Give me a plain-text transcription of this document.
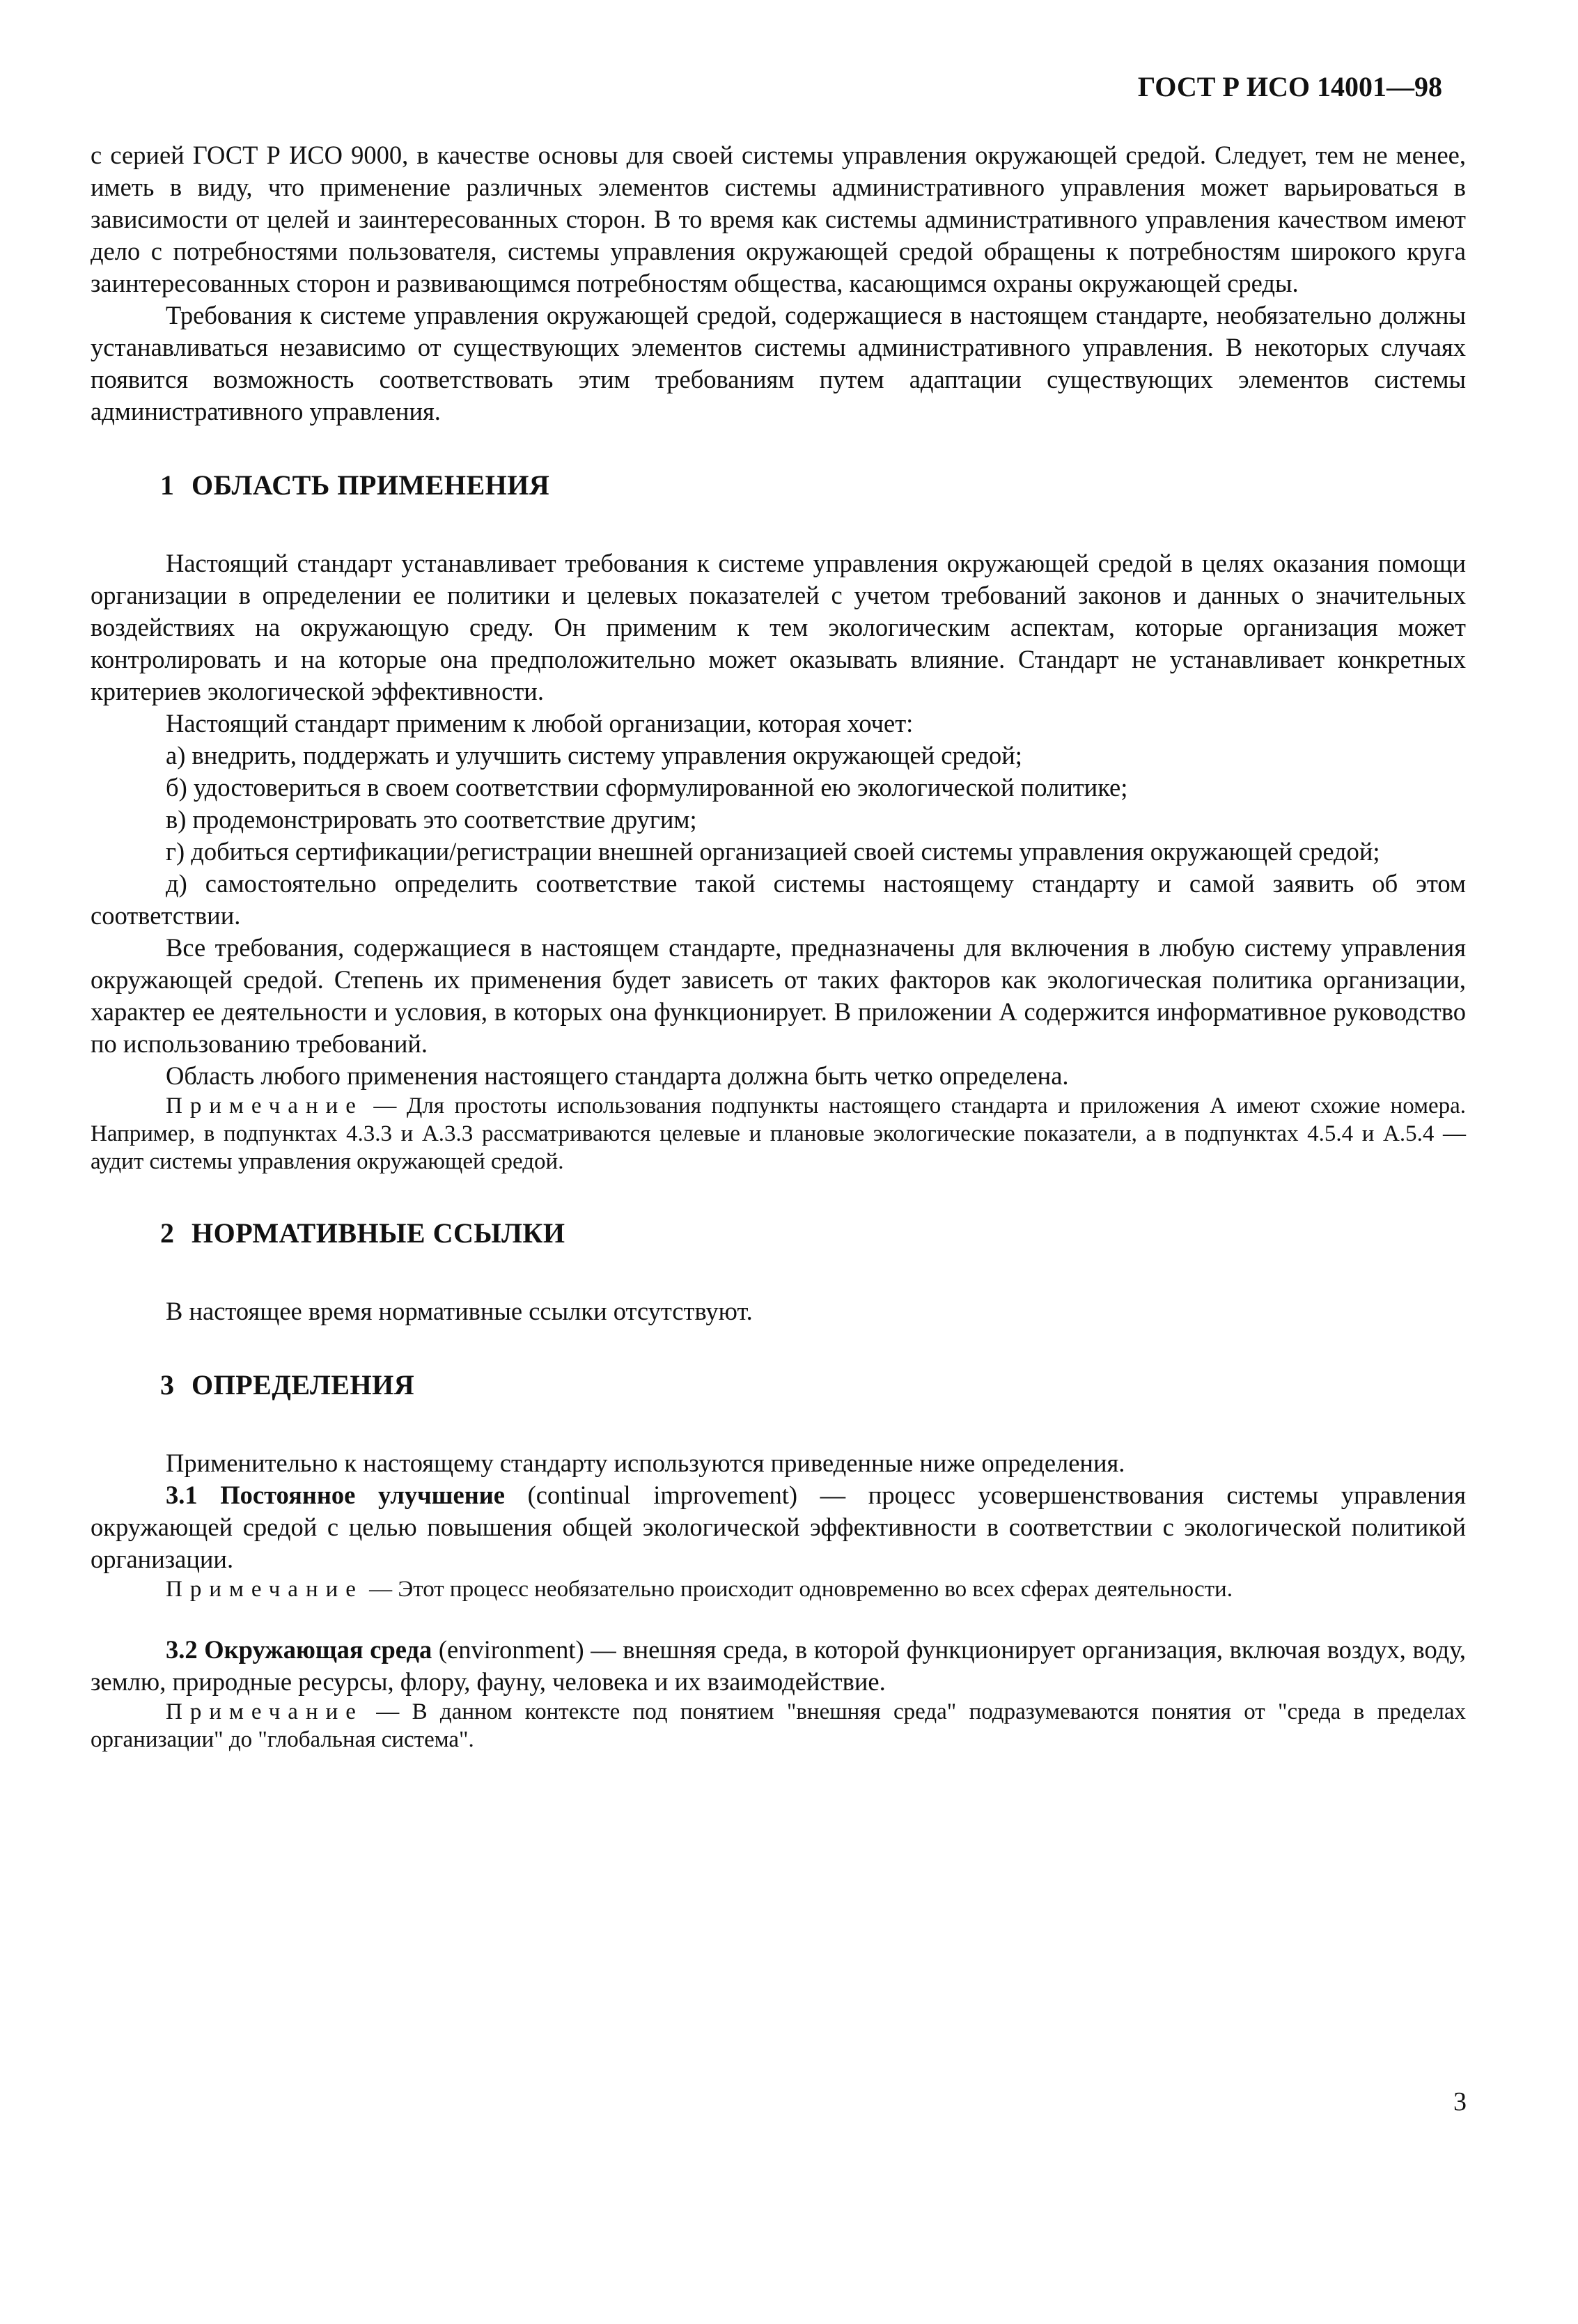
ГОСТ Р ИСО 14001—98

с серией ГОСТ Р ИСО 9000, в качестве основы для своей системы управления окружающей средой. Следует, тем не менее, иметь в виду, что применение различных элементов системы административного управления может варьироваться в зависимости от целей и заинтересованных сторон. В то время как системы административного управления качеством имеют дело с потребностями пользователя, системы управления окружающей средой обращены к потребностям широкого круга заинтересованных сторон и развивающимся потребностям общества, касающимся охраны окружающей среды.

Требования к системе управления окружающей средой, содержащиеся в настоящем стандарте, необязательно должны устанавливаться независимо от существующих элементов системы административного управления. В некоторых случаях появится возможность соответствовать этим требованиям путем адаптации существующих элементов системы административного управления.

1 ОБЛАСТЬ ПРИМЕНЕНИЯ

Настоящий стандарт устанавливает требования к системе управления окружающей средой в целях оказания помощи организации в определении ее политики и целевых показателей с учетом требований законов и данных о значительных воздействиях на окружающую среду. Он применим к тем экологическим аспектам, которые организация может контролировать и на которые она предположительно может оказывать влияние. Стандарт не устанавливает конкретных критериев экологической эффективности.

Настоящий стандарт применим к любой организации, которая хочет:

а) внедрить, поддержать и улучшить систему управления окружающей средой;

б) удостовериться в своем соответствии сформулированной ею экологической политике;

в) продемонстрировать это соответствие другим;

г) добиться сертификации/регистрации внешней организацией своей системы управления окружающей средой;

д) самостоятельно определить соответствие такой системы настоящему стандарту и самой заявить об этом соответствии.

Все требования, содержащиеся в настоящем стандарте, предназначены для включения в любую систему управления окружающей средой. Степень их применения будет зависеть от таких факторов как экологическая политика организации, характер ее деятельности и условия, в которых она функционирует. В приложении А содержится информативное руководство по использованию требований.

Область любого применения настоящего стандарта должна быть четко определена.

Примечание — Для простоты использования подпункты настоящего стандарта и приложения А имеют схожие номера. Например, в подпунктах 4.3.3 и А.3.3 рассматриваются целевые и плановые экологические показатели, а в подпунктах 4.5.4 и А.5.4 — аудит системы управления окружающей средой.

2 НОРМАТИВНЫЕ ССЫЛКИ

В настоящее время нормативные ссылки отсутствуют.

3 ОПРЕДЕЛЕНИЯ

Применительно к настоящему стандарту используются приведенные ниже определения.

3.1 Постоянное улучшение (continual improvement) — процесс усовершенствования системы управления окружающей средой с целью повышения общей экологической эффективности в соответствии с экологической политикой организации.

Примечание — Этот процесс необязательно происходит одновременно во всех сферах деятельности.

3.2 Окружающая среда (environment) — внешняя среда, в которой функционирует организация, включая воздух, воду, землю, природные ресурсы, флору, фауну, человека и их взаимодействие.

Примечание — В данном контексте под понятием "внешняя среда" подразумеваются понятия от "среда в пределах организации" до "глобальная система".

3
